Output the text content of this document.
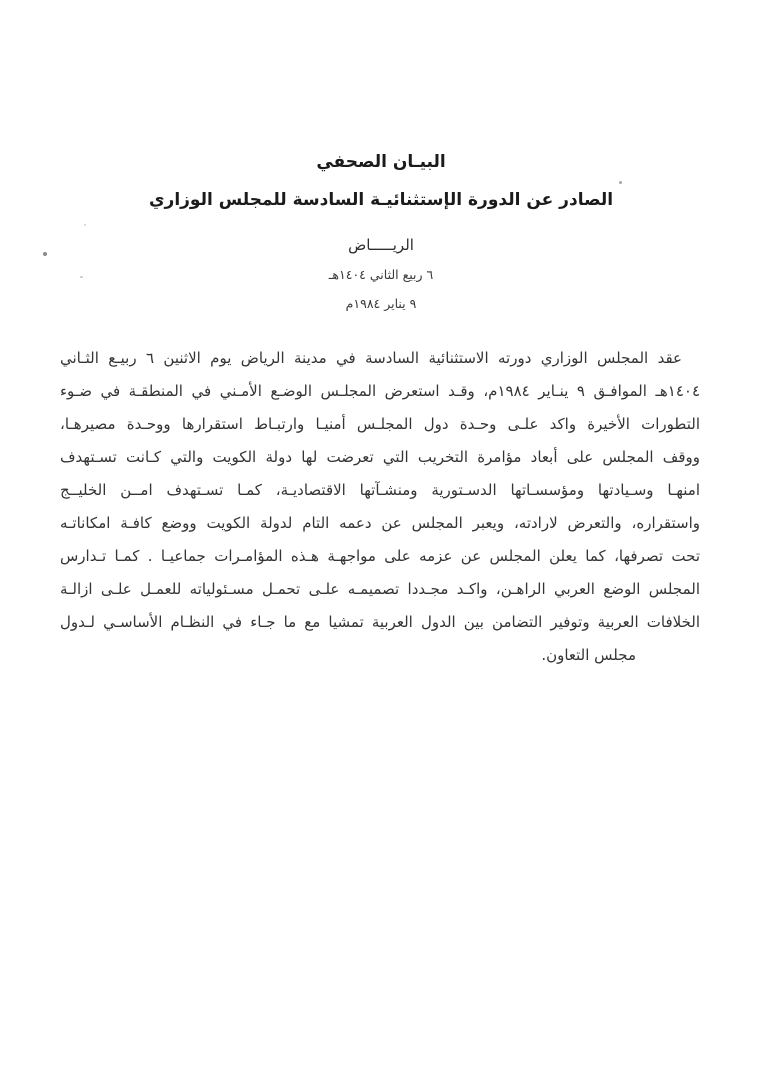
البيـان الصحفي
الصادر عن الدورة الإستثنائيـة السادسة للمجلس الوزاري
الريـــــاض
٦ ربيع الثاني ١٤٠٤هـ
٩ يناير ١٩٨٤م
عقد المجلس الوزاري دورته الاستثنائية السادسة في مدينة الرياض يوم الاثنين ٦ ربيـع الثـاني
١٤٠٤هـ الموافـق ٩ ينـاير ١٩٨٤م، وقـد استعرض المجلـس الوضـع الأمـني في المنطقـة في ضـوء
التطورات الأخيرة واكد علـى وحـدة دول المجلـس أمنيـا وارتبـاط استقرارها ووحـدة مصيرهـا،
ووقف المجلس على أبعاد مؤامرة التخريب التي تعرضت لها دولة الكويت والتي كـانت تسـتهدف
امنهـا وسـيادتها ومؤسسـاتها الدسـتورية ومنشـآتها الاقتصاديـة، كمـا تسـتهدف امــن الخليــج
واستقراره، والتعرض لارادته، ويعبر المجلس عن دعمه التام لدولة الكويت ووضع كافـة امكاناتـه
تحت تصرفها، كما يعلن المجلس عن عزمه على مواجهـة هـذه المؤامـرات جماعيـا . كمـا تـدارس
المجلس الوضع العربي الراهـن، واكـد مجـددا تصميمـه علـى تحمـل مسـئولياته للعمـل علـى ازالـة
الخلافات العربية وتوفير التضامن بين الدول العربية تمشيا مع ما جـاء في النظـام الأساسـي لـدول
مجلس التعاون.
